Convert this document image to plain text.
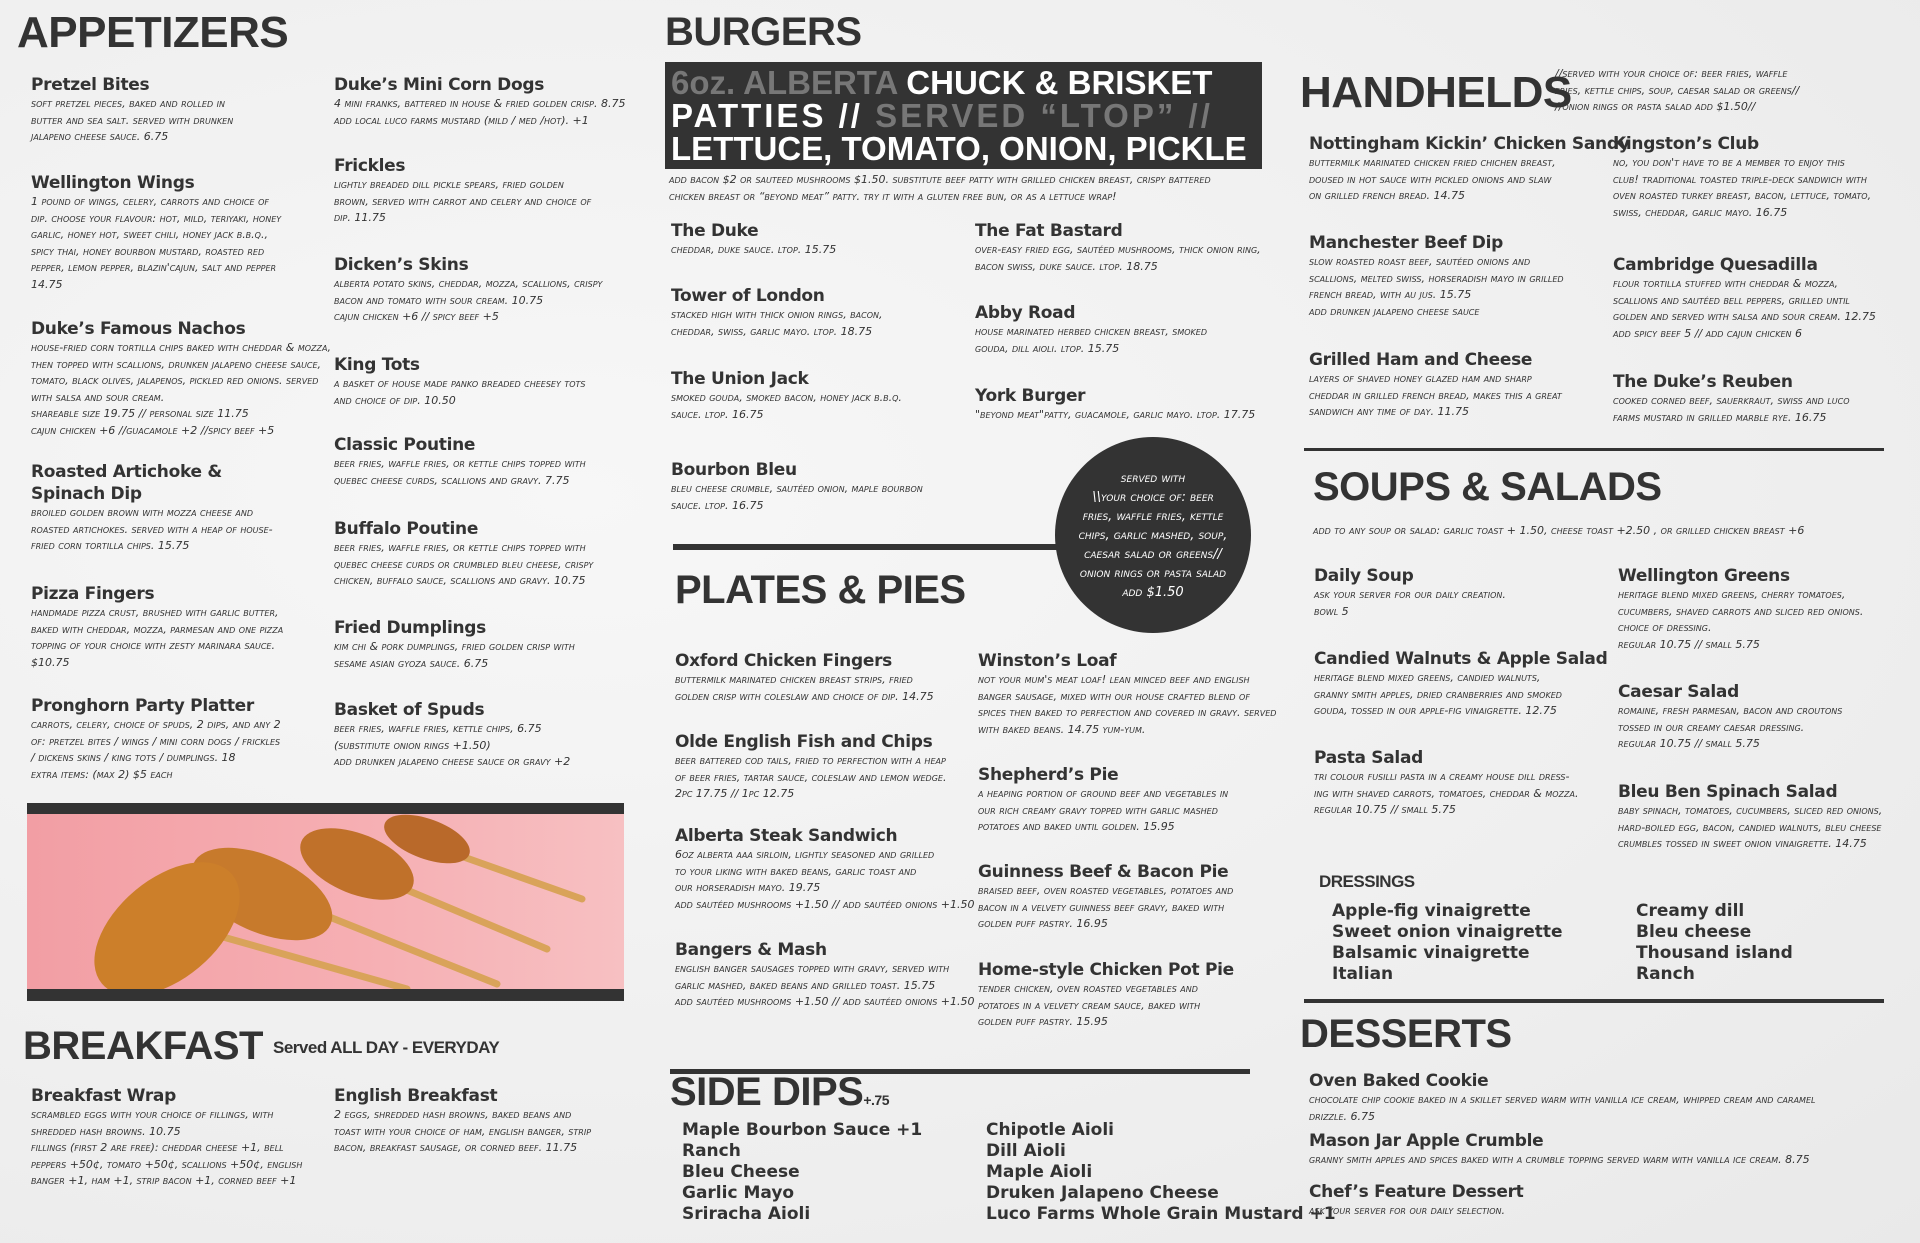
APPETIZERS	BURGERS
HANDHELDS
//served with your choice of: beer fries, waffle
fries, kettle chips, soup, caesar salad or greens//
//onion rings or pasta salad add $1.50//
6oz. ALBERTA CHUCK & BRISKET
PATTIES // SERVED “LTOP” //
LETTUCE, TOMATO, ONION, PICKLE
add bacon $2 or sauteed mushrooms $1.50. substitute beef patty with grilled chicken breast, crispy battered
chicken breast or “beyond meat” patty. try it with a gluten free bun, or as a lettuce wrap!
served with
\\your choice of: beer
fries, waffle fries, kettle
chips, garlic mashed, soup,
caesar salad or greens//
onion rings or pasta salad
add $1.50
PLATES & PIES
SIDE DIPS+.75
Maple Bourbon Sauce +1
Ranch
Bleu Cheese
Garlic Mayo
Sriracha Aioli
Chipotle Aioli
Dill Aioli
Maple Aioli
Druken Jalapeno Cheese
Luco Farms Whole Grain Mustard +1
BREAKFAST Served ALL DAY - EVERYDAY
SOUPS & SALADS
add to any soup or salad: garlic toast + 1.50, cheese toast +2.50 , or grilled chicken breast +6
DRESSINGS
Apple-fig vinaigrette
Sweet onion vinaigrette
Balsamic vinaigrette
Italian
Creamy dill
Bleu cheese
Thousand island
Ranch
DESSERTS
Pretzel Bites
soft pretzel pieces, baked and rolled in
butter and sea salt. served with drunken
jalapeno cheese sauce. 6.75
Wellington Wings
1 pound of wings, celery, carrots and choice of
dip. choose your flavour: hot, mild, teriyaki, honey
garlic, honey hot, sweet chili, honey jack b.b.q.,
spicy thai, honey bourbon mustard, roasted red
pepper, lemon pepper, blazin'cajun, salt and pepper
14.75
Duke’s Famous Nachos
house-fried corn tortilla chips baked with cheddar & mozza,
then topped with scallions, drunken jalapeno cheese sauce,
tomato, black olives, jalapenos, pickled red onions. served
with salsa and sour cream.
shareable size 19.75 // personal size 11.75
cajun chicken +6 //guacamole +2 //spicy beef +5
Roasted Artichoke &
Spinach Dip
broiled golden brown with mozza cheese and
roasted artichokes. served with a heap of house-
fried corn tortilla chips. 15.75
Pizza Fingers
handmade pizza crust, brushed with garlic butter,
baked with cheddar, mozza, parmesan and one pizza
topping of your choice with zesty marinara sauce.
$10.75
Pronghorn Party Platter
carrots, celery, choice of spuds, 2 dips, and any 2
of: pretzel bites / wings / mini corn dogs / frickles
/ dickens skins / king tots / dumplings. 18
extra items: (max 2) $5 each
Duke’s Mini Corn Dogs
4 mini franks, battered in house & fried golden crisp. 8.75
add local luco farms mustard (mild / med /hot). +1
Frickles
lightly breaded dill pickle spears, fried golden
brown, served with carrot and celery and choice of
dip. 11.75
Dicken’s Skins
alberta potato skins, cheddar, mozza, scallions, crispy
bacon and tomato with sour cream. 10.75
cajun chicken +6 // spicy beef +5
King Tots
a basket of house made panko breaded cheesey tots
and choice of dip. 10.50
Classic Poutine
beer fries, waffle fries, or kettle chips topped with
quebec cheese curds, scallions and gravy. 7.75
Buffalo Poutine
beer fries, waffle fries, or kettle chips topped with
quebec cheese curds or crumbled bleu cheese, crispy
chicken, buffalo sauce, scallions and gravy. 10.75
Fried Dumplings
kim chi & pork dumplings, fried golden crisp with
sesame asian gyoza sauce. 6.75
Basket of Spuds
beer fries, waffle fries, kettle chips, 6.75
(substitiute onion rings +1.50)
add drunken jalapeno cheese sauce or gravy +2
Breakfast Wrap
scrambled eggs with your choice of fillings, with
shredded hash browns. 10.75
fillings (first 2 are free): cheddar cheese +1, bell
peppers +50¢, tomato +50¢, scallions +50¢, english
banger +1, ham +1, strip bacon +1, corned beef +1
English Breakfast
2 eggs, shredded hash browns, baked beans and
toast with your choice of ham, english banger, strip
bacon, breakfast sausage, or corned beef. 11.75
The Duke
cheddar, duke sauce. ltop. 15.75
Tower of London
stacked high with thick onion rings, bacon,
cheddar, swiss, garlic mayo. ltop. 18.75
The Union Jack
smoked gouda, smoked bacon, honey jack b.b.q.
sauce. ltop. 16.75
Bourbon Bleu
bleu cheese crumble, sautéed onion, maple bourbon
sauce. ltop. 16.75
The Fat Bastard
over-easy fried egg, sautéed mushrooms, thick onion ring,
bacon swiss, duke sauce. ltop. 18.75
Abby Road
house marinated herbed chicken breast, smoked
gouda, dill aioli. ltop. 15.75
York Burger
"beyond meat"patty, guacamole, garlic mayo. ltop. 17.75
Oxford Chicken Fingers
buttermilk marinated chicken breast strips, fried
golden crisp with coleslaw and choice of dip. 14.75
Olde English Fish and Chips
beer battered cod tails, fried to perfection with a heap
of beer fries, tartar sauce, coleslaw and lemon wedge.
2pc 17.75 // 1pc 12.75
Alberta Steak Sandwich
6oz alberta aaa sirloin, lightly seasoned and grilled
to your liking with baked beans, garlic toast and
our horseradish mayo. 19.75
add sautéed mushrooms +1.50 // add sautéed onions +1.50
Bangers & Mash
english banger sausages topped with gravy, served with
garlic mashed, baked beans and grilled toast. 15.75
add sautéed mushrooms +1.50 // add sautéed onions +1.50
Winston’s Loaf
not your mum's meat loaf! lean minced beef and english
banger sausage, mixed with our house crafted blend of
spices then baked to perfection and covered in gravy. served
with baked beans. 14.75 yum-yum.
Shepherd’s Pie
a heaping portion of ground beef and vegetables in
our rich creamy gravy topped with garlic mashed
potatoes and baked until golden. 15.95
Guinness Beef & Bacon Pie
braised beef, oven roasted vegetables, potatoes and
bacon in a velvety guinness beef gravy, baked with
golden puff pastry. 16.95
Home-style Chicken Pot Pie
tender chicken, oven roasted vegetables and
potatoes in a velvety cream sauce, baked with
golden puff pastry. 15.95
Nottingham Kickin’ Chicken Sandy
buttermilk marinated chicken fried chichen breast,
doused in hot sauce with pickled onions and slaw
on grilled french bread. 14.75
Manchester Beef Dip
slow roasted roast beef, sautéed onions and
scallions, melted swiss, horseradish mayo in grilled
french bread, with au jus. 15.75
add drunken jalapeno cheese sauce
Grilled Ham and Cheese
layers of shaved honey glazed ham and sharp
cheddar in grilled french bread, makes this a great
sandwich any time of day. 11.75
Kingston’s Club
no, you don't have to be a member to enjoy this
club! traditional toasted triple-deck sandwich with
oven roasted turkey breast, bacon, lettuce, tomato,
swiss, cheddar, garlic mayo. 16.75
Cambridge Quesadilla
flour tortilla stuffed with cheddar & mozza,
scallions and sautéed bell peppers, grilled until
golden and served with salsa and sour cream. 12.75
add spicy beef 5 // add cajun chicken 6
The Duke’s Reuben
cooked corned beef, sauerkraut, swiss and luco
farms mustard in grilled marble rye. 16.75
Daily Soup
ask your server for our daily creation.
bowl 5
Candied Walnuts & Apple Salad
heritage blend mixed greens, candied walnuts,
granny smith apples, dried cranberries and smoked
gouda, tossed in our apple-fig vinaigrette. 12.75
Pasta Salad
tri colour fusilli pasta in a creamy house dill dress-
ing with shaved carrots, tomatoes, cheddar & mozza.
regular 10.75 // small 5.75
Wellington Greens
heritage blend mixed greens, cherry tomatoes,
cucumbers, shaved carrots and sliced red onions.
choice of dressing.
regular 10.75 // small 5.75
Caesar Salad
romaine, fresh parmesan, bacon and croutons
tossed in our creamy caesar dressing.
regular 10.75 // small 5.75
Bleu Ben Spinach Salad
baby spinach, tomatoes, cucumbers, sliced red onions,
hard-boiled egg, bacon, candied walnuts, bleu cheese
crumbles tossed in sweet onion vinaigrette. 14.75
Oven Baked Cookie
chocolate chip cookie baked in a skillet served warm with vanilla ice cream, whipped cream and caramel
drizzle. 6.75
Mason Jar Apple Crumble
granny smith apples and spices baked with a crumble topping served warm with vanilla ice cream. 8.75
Chef’s Feature Dessert
ask your server for our daily selection.
